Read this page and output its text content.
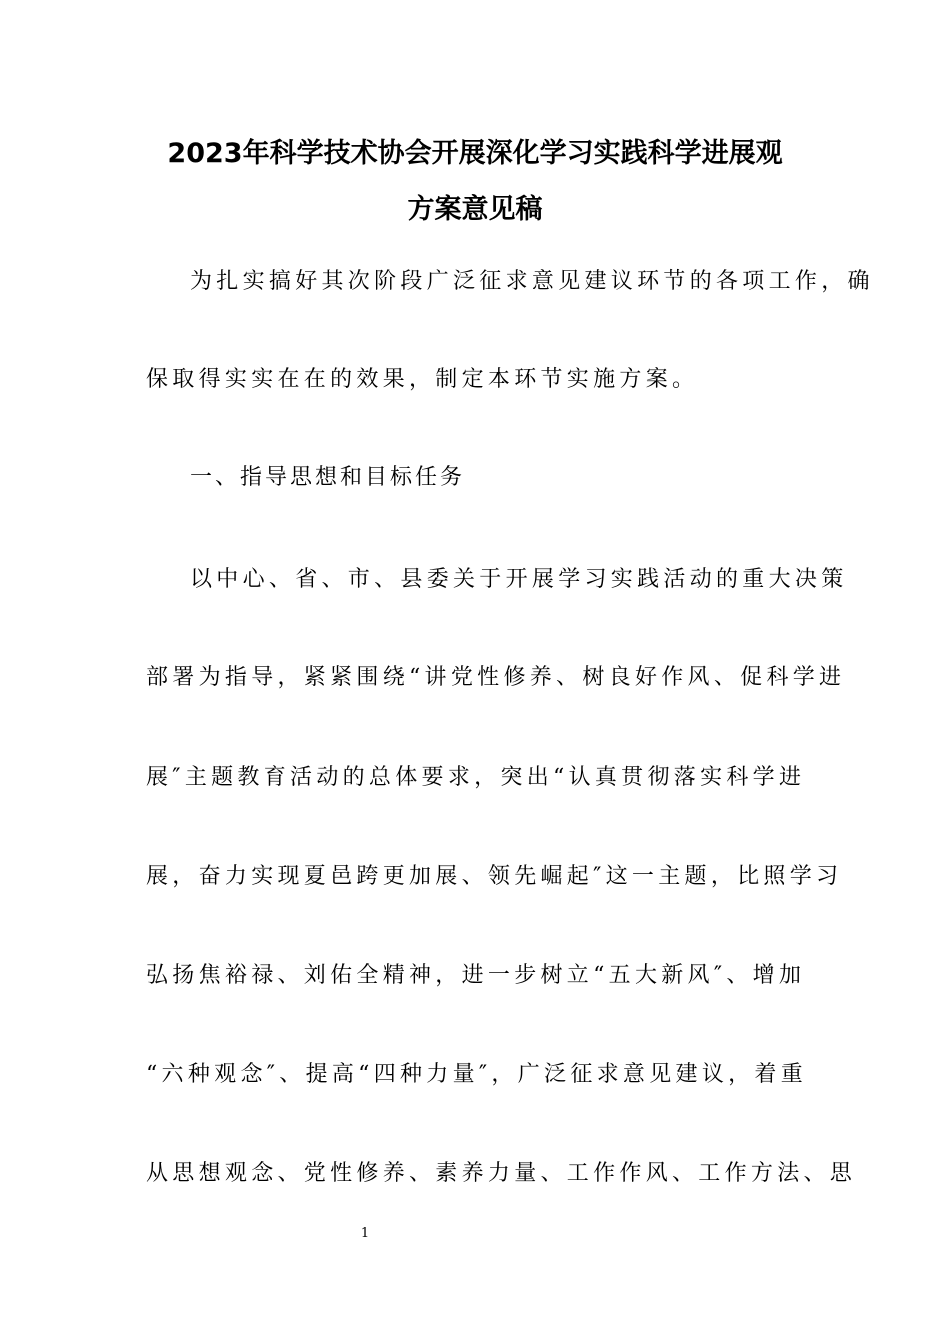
2023年科学技术协会开展深化学习实践科学进展观
方案意见稿
为扎实搞好其次阶段广泛征求意见建议环节的各项工作，确
保取得实实在在的效果，制定本环节实施方案。
一、指导思想和目标任务
以中心、省、市、县委关于开展学习实践活动的重大决策
部署为指导，紧紧围绕“讲党性修养、树良好作风、促科学进
展″主题教育活动的总体要求，突出“认真贯彻落实科学进
展，奋力实现夏邑跨更加展、领先崛起″这一主题，比照学习
弘扬焦裕禄、刘佑全精神，进一步树立“五大新风″、增加
“六种观念″、提高“四种力量″，广泛征求意见建议，着重
从思想观念、党性修养、素养力量、工作作风、工作方法、思
1
